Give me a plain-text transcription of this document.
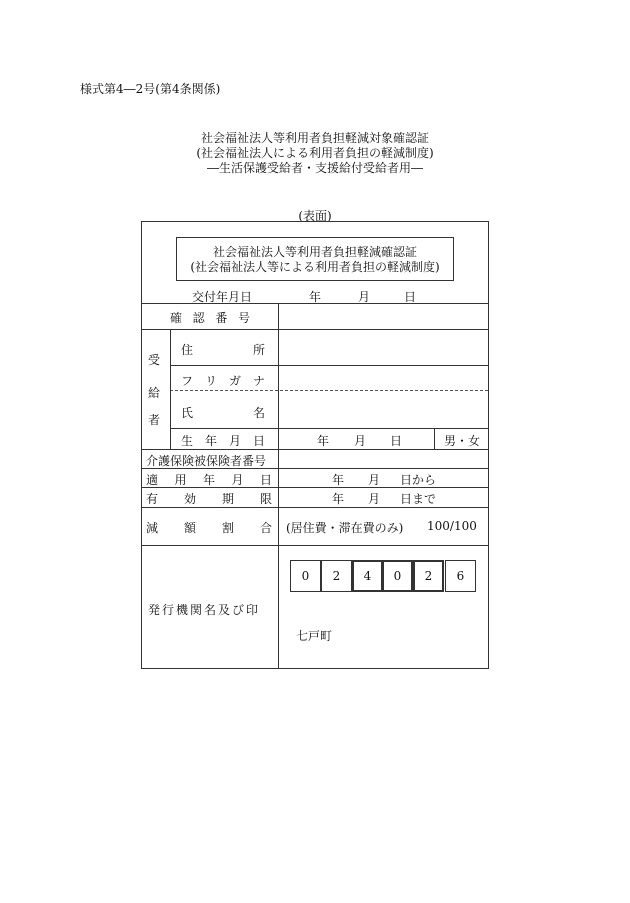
様式第4―2号(第4条関係)
社会福祉法人等利用者負担軽減対象確認証
(社会福祉法人による利用者負担の軽減制度)
―生活保護受給者・支援給付受給者用―
(表面)
社会福祉法人等利用者負担軽減確認証
(社会福祉法人等による利用者負担の軽減制度)
交付年月日	年	月	日
確 認 番 号
受
給
者
住	所
フ リ ガ ナ
氏	名
生 年 月 日	年 月 日	男・女
介護保険被保険者番号
適 用 年 月 日	年 月 日から
有 効 期 限	年 月 日まで
減 額 割 合 (居住費・滞在費のみ) 100/100
発行機関名及び印
0	2	4	0	2	6
七戸町
